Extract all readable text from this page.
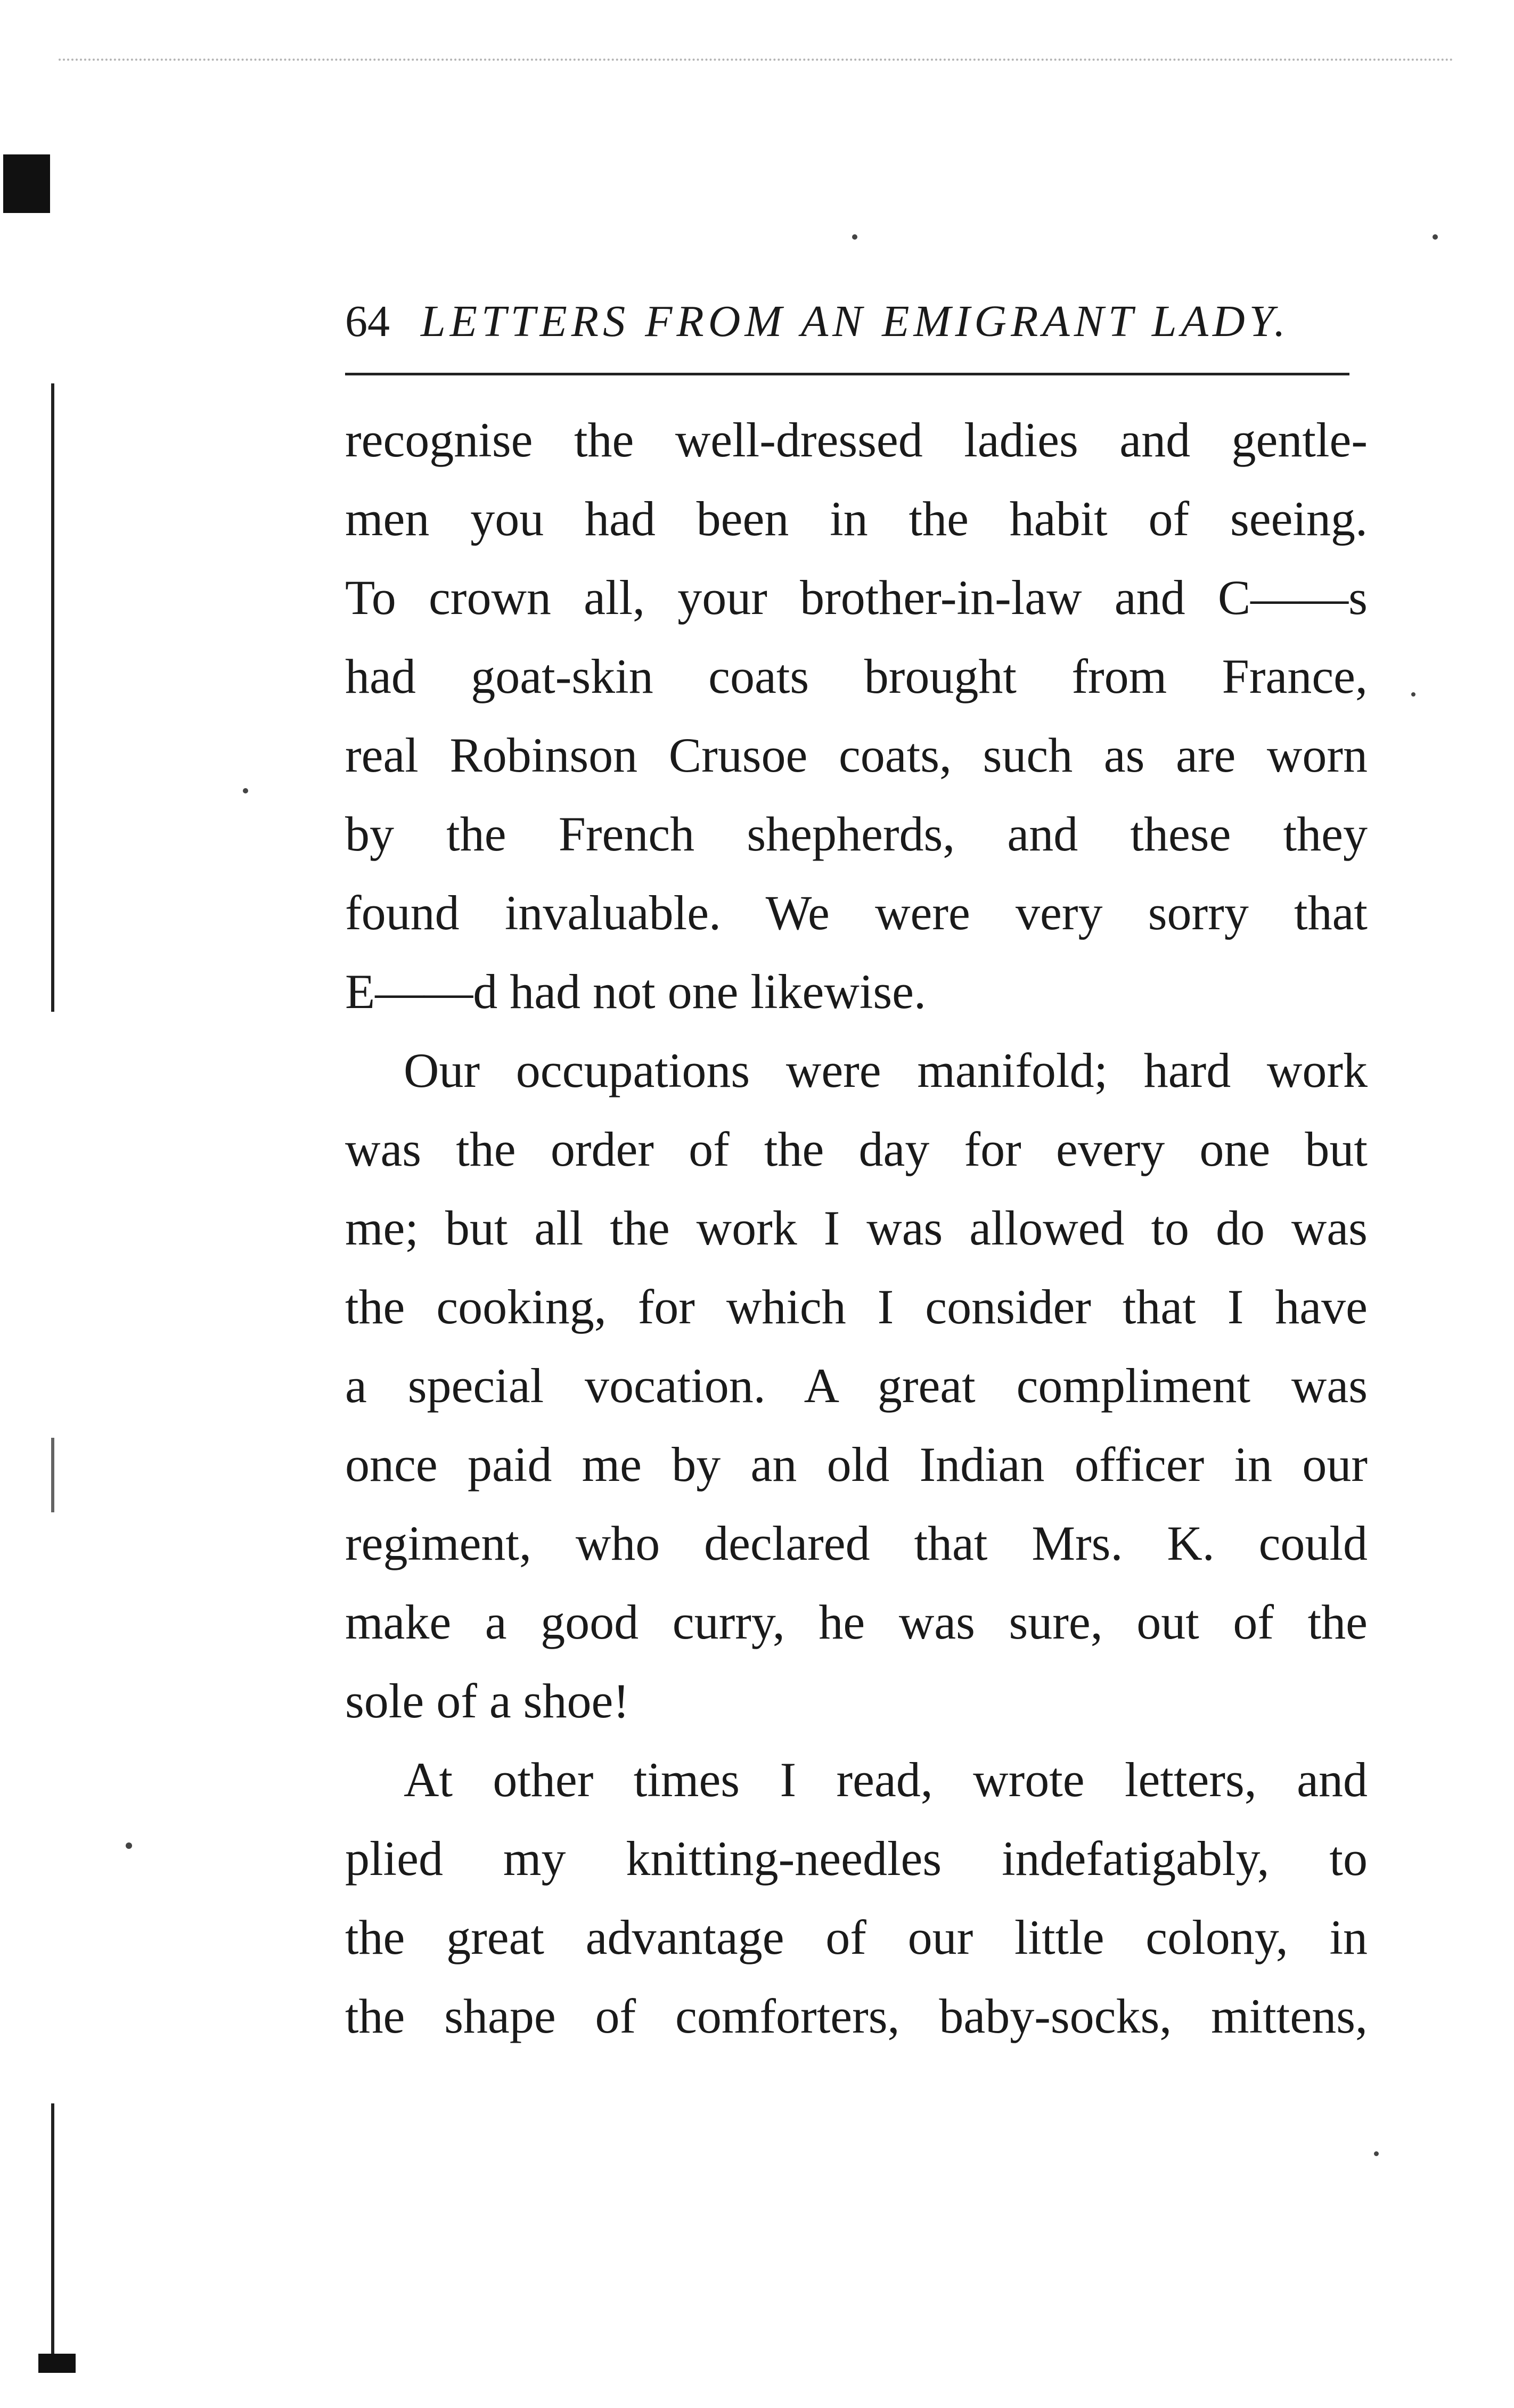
64 LETTERS FROM AN EMIGRANT LADY.
recognise the well-dressed ladies and gentle-
men you had been in the habit of seeing.
To crown all, your brother-in-law and C——s
had goat-skin coats brought from France,
real Robinson Crusoe coats, such as are worn
by the French shepherds, and these they
found invaluable. We were very sorry that
E——d had not one likewise.
Our occupations were manifold; hard work
was the order of the day for every one but
me; but all the work I was allowed to do was
the cooking, for which I consider that I have
a special vocation. A great compliment was
once paid me by an old Indian officer in our
regiment, who declared that Mrs. K. could
make a good curry, he was sure, out of the
sole of a shoe!
At other times I read, wrote letters, and
plied my knitting-needles indefatigably, to
the great advantage of our little colony, in
the shape of comforters, baby-socks, mittens,
